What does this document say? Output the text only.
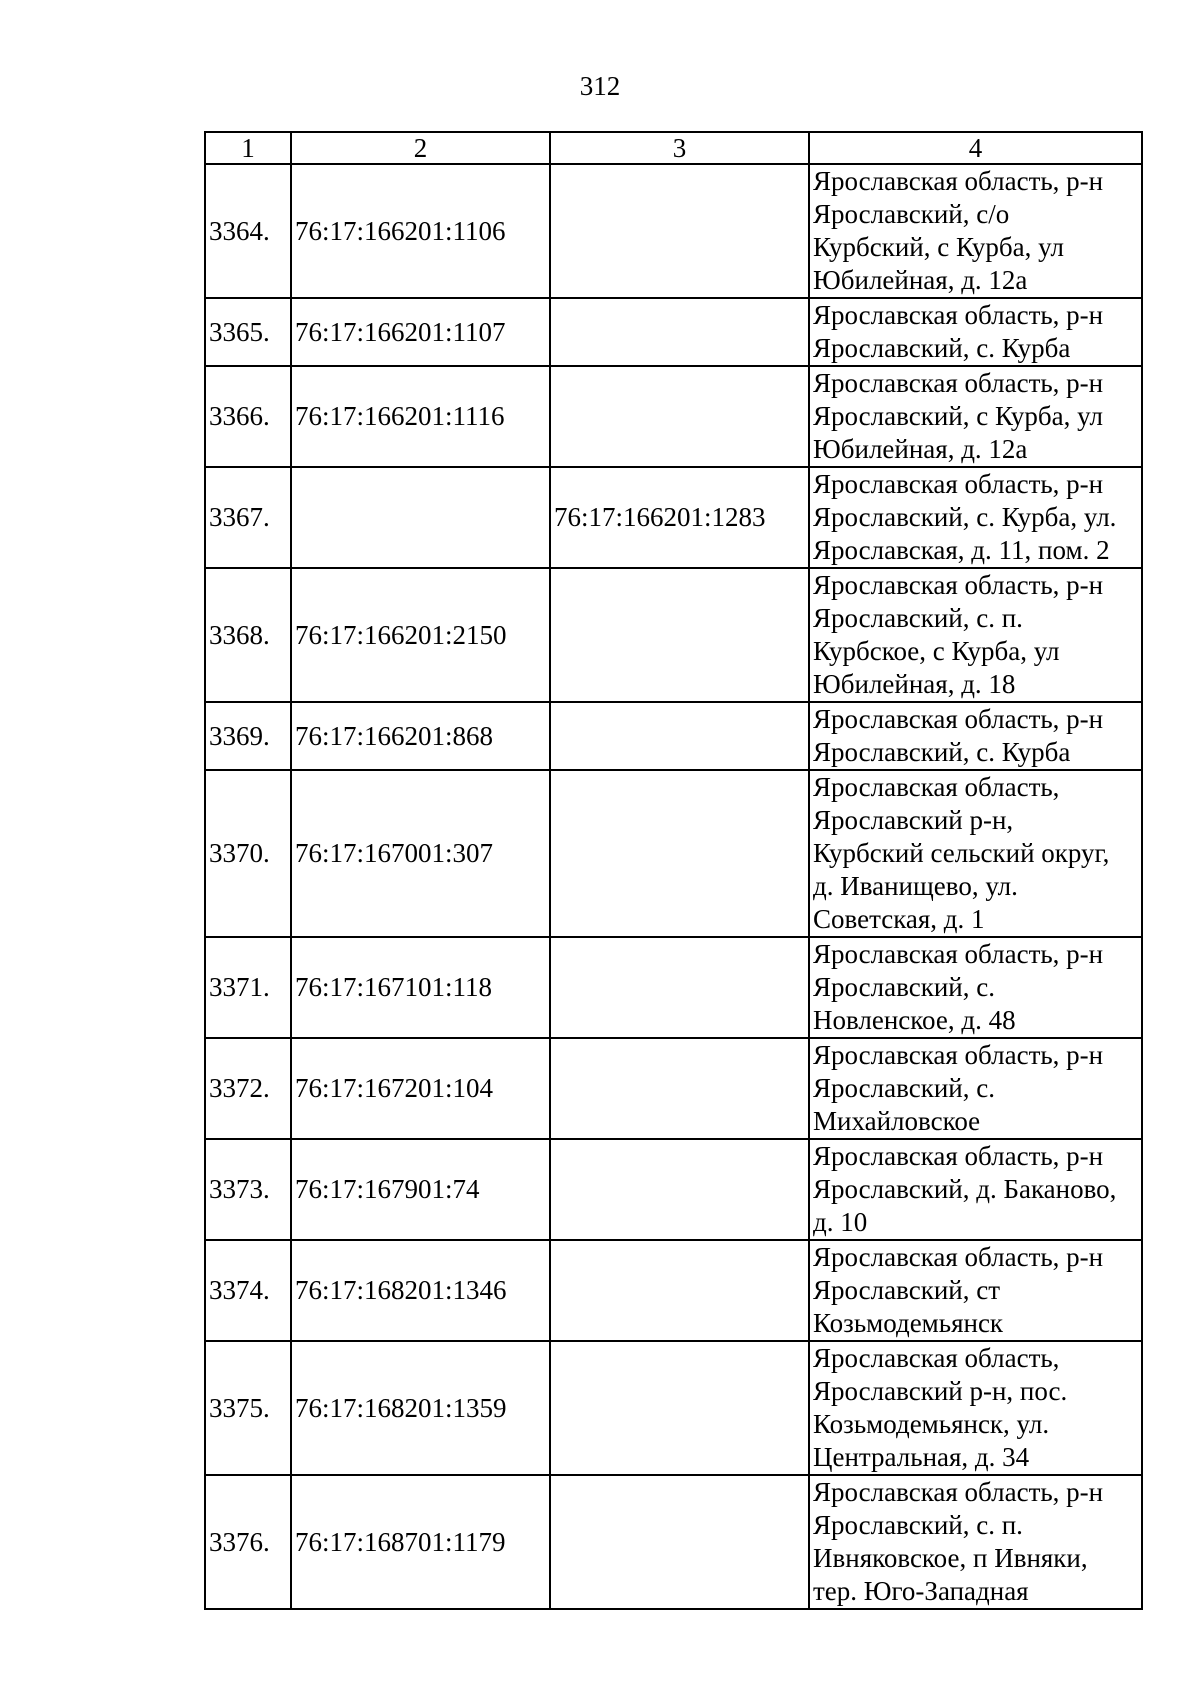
312
1	2	3	4
3364.	76:17:166201:1106		Ярославская область, р-н
Ярославский, с/о
Курбский, с Курба, ул
Юбилейная, д. 12а
3365.	76:17:166201:1107		Ярославская область, р-н
Ярославский, с. Курба
3366.	76:17:166201:1116		Ярославская область, р-н
Ярославский, с Курба, ул
Юбилейная, д. 12а
3367.		76:17:166201:1283	Ярославская область, р-н
Ярославский, с. Курба, ул.
Ярославская, д. 11, пом. 2
3368.	76:17:166201:2150		Ярославская область, р-н
Ярославский, с. п.
Курбское, с Курба, ул
Юбилейная, д. 18
3369.	76:17:166201:868		Ярославская область, р-н
Ярославский, с. Курба
3370.	76:17:167001:307		Ярославская область,
Ярославский р-н,
Курбский сельский округ,
д. Иванищево, ул.
Советская, д. 1
3371.	76:17:167101:118		Ярославская область, р-н
Ярославский, с.
Новленское, д. 48
3372.	76:17:167201:104		Ярославская область, р-н
Ярославский, с.
Михайловское
3373.	76:17:167901:74		Ярославская область, р-н
Ярославский, д. Баканово,
д. 10
3374.	76:17:168201:1346		Ярославская область, р-н
Ярославский, ст
Козьмодемьянск
3375.	76:17:168201:1359		Ярославская область,
Ярославский р-н, пос.
Козьмодемьянск, ул.
Центральная, д. 34
3376.	76:17:168701:1179		Ярославская область, р-н
Ярославский, с. п.
Ивняковское, п Ивняки,
тер. Юго-Западная
